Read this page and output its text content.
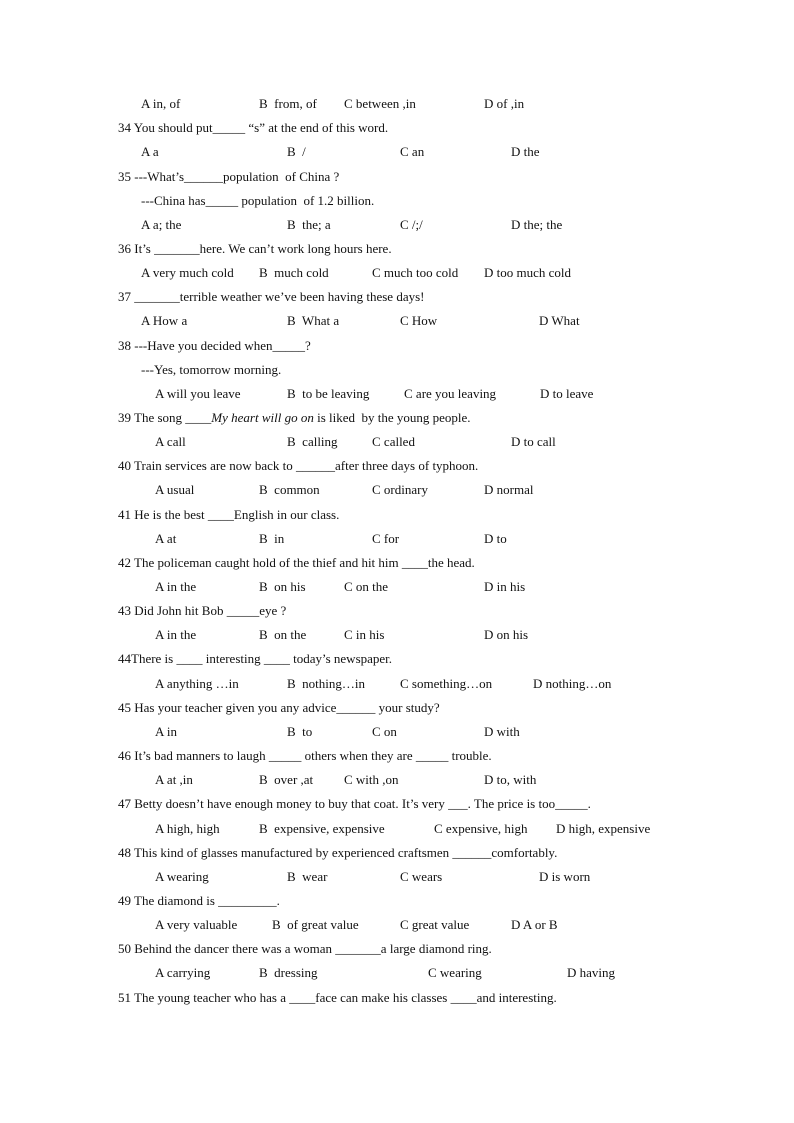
A in, of	B  from, of C between ,in	D of ,in
34 You should put_____ “s” at the end of this word.
A a	B  /	C an	D the
35 ---What’s______population  of China ?
---China has_____ population  of 1.2 billion.
A a; the	B  the; a	C /;/	D the; the
36 It’s _______here. We can’t work long hours here.
A very much cold B  much cold	C much too cold D too much cold
37 _______terrible weather we’ve been having these days!
A How a	B  What a	C How	D What
38 ---Have you decided when_____?
---Yes, tomorrow morning.
A will you leave	B  to be leaving	C are you leaving	D to leave
39 The song ____My heart will go on is liked  by the young people.
A call	B  calling	C called	D to call
40 Train services are now back to ______after three days of typhoon.
A usual	B  common	C ordinary	D normal
41 He is the best ____English in our class.
A at	B  in	C for	D to
42 The policeman caught hold of the thief and hit him ____the head.
A in the	B  on his	C on the	D in his
43 Did John hit Bob _____eye ?
A in the	B  on the	C in his	D on his
44There is ____ interesting ____ today’s newspaper.
A anything …in	B  nothing…in	C something…on	D nothing…on
45 Has your teacher given you any advice______ your study?
A in	B  to	C on	D with
46 It’s bad manners to laugh _____ others when they are _____ trouble.
A at ,in	B  over ,at C with ,on	D to, with
47 Betty doesn’t have enough money to buy that coat. It’s very ___. The price is too_____.
A high, high	B  expensive, expensive	C expensive, high D high, expensive
48 This kind of glasses manufactured by experienced craftsmen ______comfortably.
A wearing	B  wear	C wears	D is worn
49 The diamond is _________.
A very valuable	B  of great value	C great value	D A or B
50 Behind the dancer there was a woman _______a large diamond ring.
A carrying	B  dressing	C wearing	D having
51 The young teacher who has a ____face can make his classes ____and interesting.
